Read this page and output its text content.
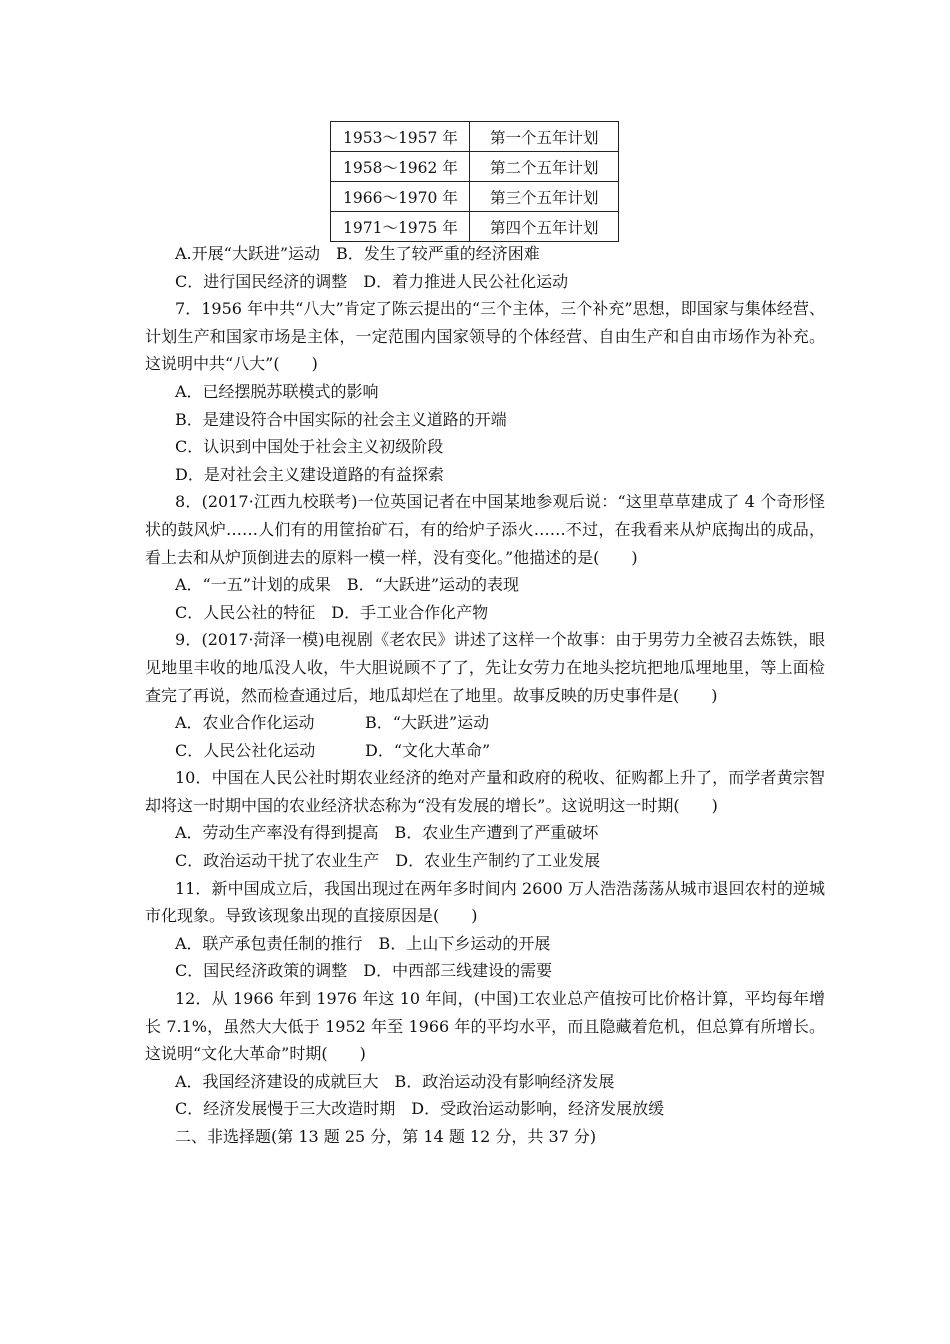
1953～1957 年	第一个五年计划
1958～1962 年	第二个五年计划
1966～1970 年	第三个五年计划
1971～1975 年	第四个五年计划
A.开展“大跃进”运动　B．发生了较严重的经济困难
C．进行国民经济的调整　D．着力推进人民公社化运动
7．1956 年中共“八大”肯定了陈云提出的“三个主体，三个补充”思想，即国家与集体经营、计划生产和国家市场是主体，一定范围内国家领导的个体经营、自由生产和自由市场作为补充。这说明中共“八大”(　　)
A．已经摆脱苏联模式的影响
B．是建设符合中国实际的社会主义道路的开端
C．认识到中国处于社会主义初级阶段
D．是对社会主义建设道路的有益探索
8．(2017·江西九校联考)一位英国记者在中国某地参观后说：“这里草草建成了 4 个奇形怪状的鼓风炉……人们有的用筐抬矿石，有的给炉子添火……不过，在我看来从炉底掏出的成品，看上去和从炉顶倒进去的原料一模一样，没有变化。”他描述的是(　　)
A．“一五”计划的成果　B．“大跃进”运动的表现
C．人民公社的特征　D．手工业合作化产物
9．(2017·菏泽一模)电视剧《老农民》讲述了这样一个故事：由于男劳力全被召去炼铁，眼见地里丰收的地瓜没人收，牛大胆说顾不了了，先让女劳力在地头挖坑把地瓜埋地里，等上面检查完了再说，然而检查通过后，地瓜却烂在了地里。故事反映的历史事件是(　　)
A．农业合作化运动	B．“大跃进”运动
C．人民公社化运动	D．“文化大革命”
10．中国在人民公社时期农业经济的绝对产量和政府的税收、征购都上升了，而学者黄宗智却将这一时期中国的农业经济状态称为“没有发展的增长”。这说明这一时期(　　)
A．劳动生产率没有得到提高　B．农业生产遭到了严重破坏
C．政治运动干扰了农业生产　D．农业生产制约了工业发展
11．新中国成立后，我国出现过在两年多时间内 2600 万人浩浩荡荡从城市退回农村的逆城市化现象。导致该现象出现的直接原因是(　　)
A．联产承包责任制的推行　B．上山下乡运动的开展
C．国民经济政策的调整　D．中西部三线建设的需要
12．从 1966 年到 1976 年这 10 年间，(中国)工农业总产值按可比价格计算，平均每年增长 7.1%，虽然大大低于 1952 年至 1966 年的平均水平，而且隐藏着危机，但总算有所增长。这说明“文化大革命”时期(　　)
A．我国经济建设的成就巨大　B．政治运动没有影响经济发展
C．经济发展慢于三大改造时期　D．受政治运动影响，经济发展放缓
二、非选择题(第 13 题 25 分，第 14 题 12 分，共 37 分)
